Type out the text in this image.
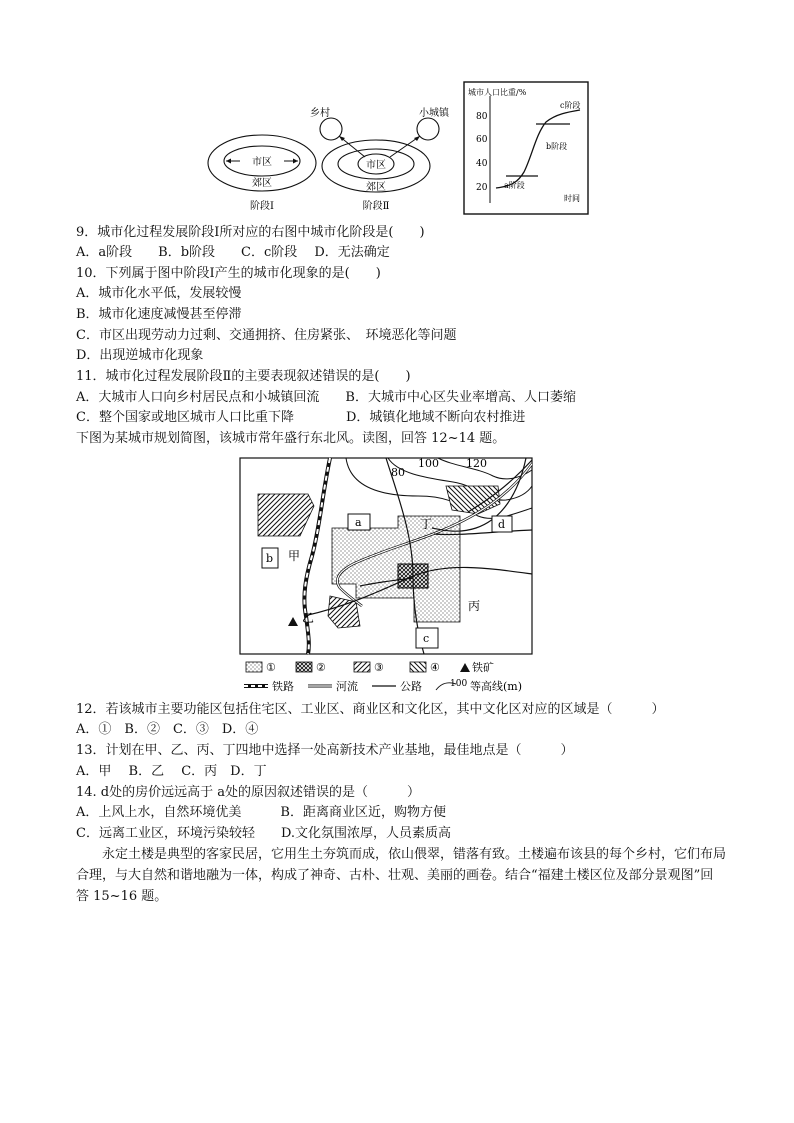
市区
郊区
阶段Ⅰ
乡村	小城镇
市区
郊区
阶段Ⅱ
城市人口比重/%
80
60
40
20 a阶段
b阶段
c阶段
时间
9．城市化过程发展阶段Ⅰ所对应的右图中城市化阶段是(　　)
A．a阶段　　B．b阶段　　C．c阶段　 D．无法确定
10．下列属于图中阶段Ⅰ产生的城市化现象的是(　　)
A．城市化水平低，发展较慢
B．城市化速度减慢甚至停滞
C．市区出现劳动力过剩、交通拥挤、住房紧张、　环境恶化等问题
D．出现逆城市化现象
11．城市化过程发展阶段Ⅱ的主要表现叙述错误的是(　　)
A．大城市人口向乡村居民点和小城镇回流　　B．大城市中心区失业率增高、人口萎缩
C．整个国家或地区城市人口比重下降　　　　D．城镇化地域不断向农村推进
下图为某城市规划简图，该城市常年盛行东北风。读图，回答 12~14 题。
80
100 120
a
b
c
d
甲
乙
丙
丁
①	②	③	④	铁矿
铁路	河流	公路	100 等高线(m)
12．若该城市主要功能区包括住宅区、工业区、商业区和文化区，其中文化区对应的区域是（　　　）
A．①　B．②　C．③　D．④
13．计划在甲、乙、丙、丁四地中选择一处高新技术产业基地，最佳地点是（　　　）
A．甲　 B．乙　 C．丙　D．丁
14. d处的房价远远高于 a处的原因叙述错误的是（　　　）
A．上风上水，自然环境优美　　　B．距离商业区近，购物方便
C．远离工业区，环境污染较轻　　D.文化氛围浓厚，人员素质高
永定土楼是典型的客家民居，它用生土夯筑而成，依山偎翠，错落有致。土楼遍布该县的每个乡村，它们布局合理，与大自然和谐地融为一体，构成了神奇、古朴、壮观、美丽的画卷。结合“福建土楼区位及部分景观图”回答 15~16 题。
